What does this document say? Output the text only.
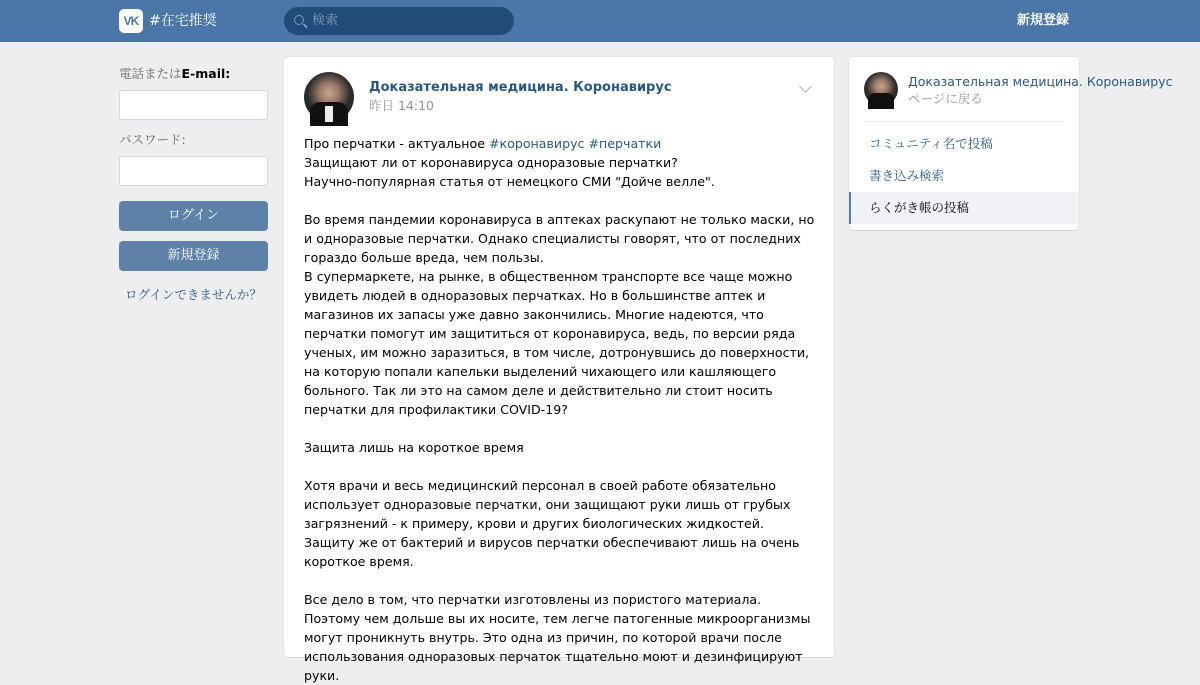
VK #在宅推奨	検索	新規登録
電話またはE-mail:
パスワード:
ログイン
新規登録
ログインできませんか？
Доказательная медицина. Коронавирус
昨日 14:10

Про перчатки - актуальное #коронавирус #перчатки

Защищают ли от коронавируса одноразовые перчатки?

Научно-популярная статья от немецкого СМИ "Дойче велле".

Во время пандемии коронавируса в аптеках раскупают не только маски, но и одноразовые перчатки. Однако специалисты говорят, что от последних гораздо больше вреда, чем пользы.

В супермаркете, на рынке, в общественном транспорте все чаще можно увидеть людей в одноразовых перчатках. Но в большинстве аптек и магазинов их запасы уже давно закончились. Многие надеются, что перчатки помогут им защититься от коронавируса, ведь, по версии ряда ученых, им можно заразиться, в том числе, дотронувшись до поверхности, на которую попали капельки выделений чихающего или кашляющего больного. Так ли это на самом деле и действительно ли стоит носить перчатки для профилактики COVID-19?

Защита лишь на короткое время

Хотя врачи и весь медицинский персонал в своей работе обязательно использует одноразовые перчатки, они защищают руки лишь от грубых загрязнений - к примеру, крови и других биологических жидкостей. Защиту же от бактерий и вирусов перчатки обеспечивают лишь на очень короткое время.

Все дело в том, что перчатки изготовлены из пористого материала. Поэтому чем дольше вы их носите, тем легче патогенные микроорганизмы могут проникнуть внутрь. Это одна из причин, по которой врачи после использования одноразовых перчаток тщательно моют и дезинфицируют руки.

Доказательная медицина. Коронавирус
ページに戻る
コミュニティ名で投稿
書き込み検索
らくがき帳の投稿
